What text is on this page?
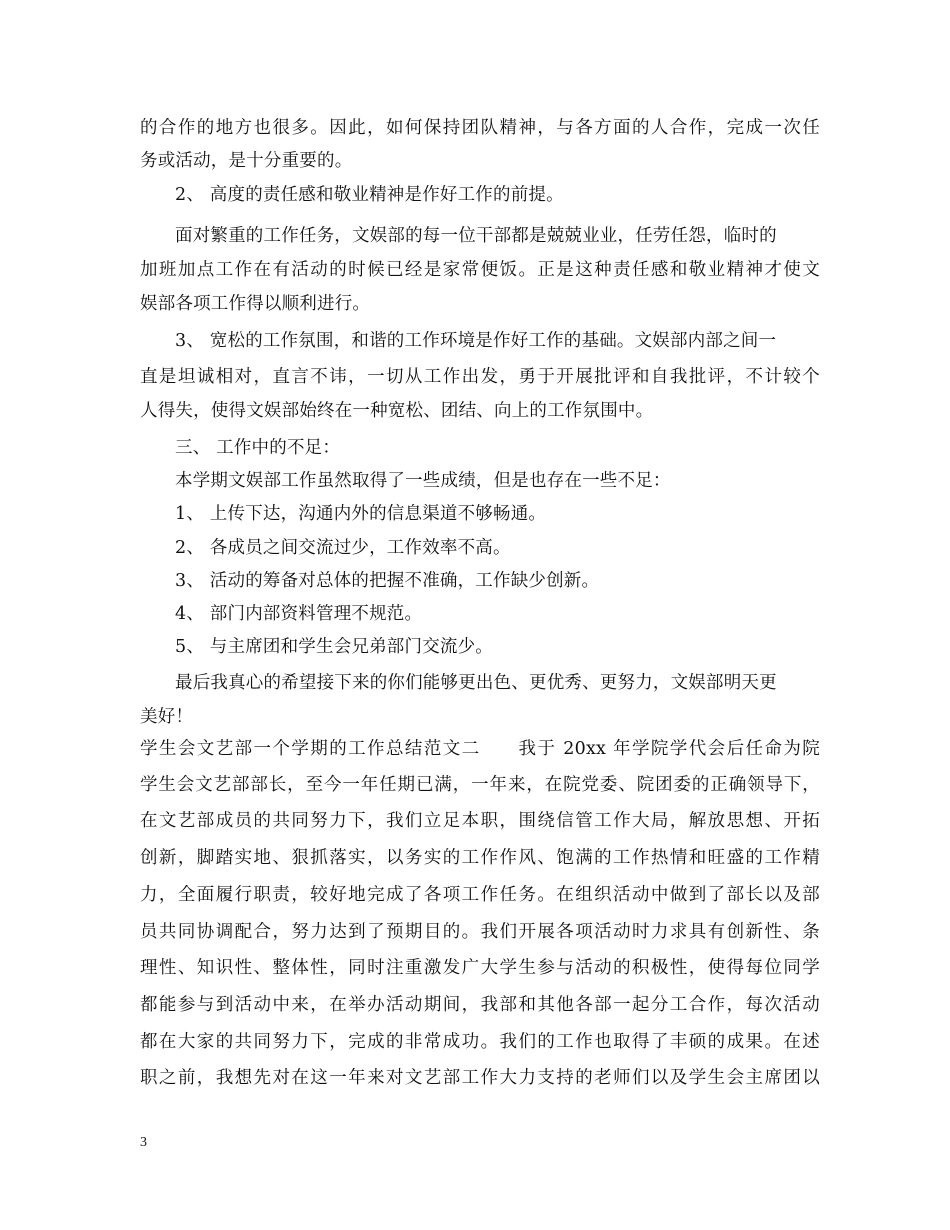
的合作的地方也很多。因此，如何保持团队精神，与各方面的人合作，完成一次任
务或活动，是十分重要的。
2、 高度的责任感和敬业精神是作好工作的前提。
面对繁重的工作任务，文娱部的每一位干部都是兢兢业业，任劳任怨，临时的
加班加点工作在有活动的时候已经是家常便饭。正是这种责任感和敬业精神才使文
娱部各项工作得以顺利进行。
3、 宽松的工作氛围，和谐的工作环境是作好工作的基础。文娱部内部之间一
直是坦诚相对，直言不讳，一切从工作出发，勇于开展批评和自我批评，不计较个
人得失，使得文娱部始终在一种宽松、团结、向上的工作氛围中。
三、 工作中的不足：
本学期文娱部工作虽然取得了一些成绩，但是也存在一些不足：
1、 上传下达，沟通内外的信息渠道不够畅通。
2、 各成员之间交流过少，工作效率不高。
3、 活动的筹备对总体的把握不准确，工作缺少创新。
4、 部门内部资料管理不规范。
5、 与主席团和学生会兄弟部门交流少。
最后我真心的希望接下来的你们能够更出色、更优秀、更努力，文娱部明天更
美好！
学生会文艺部一个学期的工作总结范文二　　我于 20xx 年学院学代会后任命为院
学生会文艺部部长，至今一年任期已满，一年来，在院党委、院团委的正确领导下，
在文艺部成员的共同努力下，我们立足本职，围绕信管工作大局，解放思想、开拓
创新，脚踏实地、狠抓落实，以务实的工作作风、饱满的工作热情和旺盛的工作精
力，全面履行职责，较好地完成了各项工作任务。在组织活动中做到了部长以及部
员共同协调配合，努力达到了预期目的。我们开展各项活动时力求具有创新性、条
理性、知识性、整体性，同时注重激发广大学生参与活动的积极性，使得每位同学
都能参与到活动中来，在举办活动期间，我部和其他各部一起分工合作，每次活动
都在大家的共同努力下，完成的非常成功。我们的工作也取得了丰硕的成果。在述
职之前，我想先对在这一年来对文艺部工作大力支持的老师们以及学生会主席团以
3
